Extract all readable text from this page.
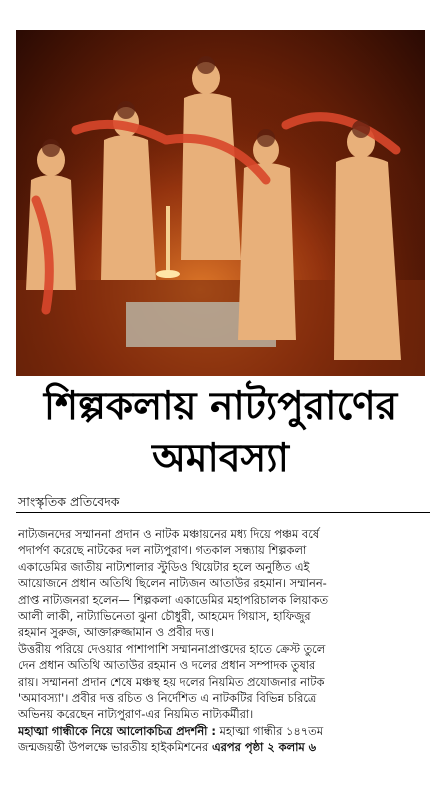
শিল্পকলায় নাট্যপুরাণের
অমাবস্যা
সাংস্কৃতিক প্রতিবেদক
নাট্যজনদের সম্মাননা প্রদান ও নাটক মঞ্চায়নের মধ্য দিয়ে পঞ্চম বর্ষে
পদার্পণ করেছে নাটকের দল নাট্যপুরাণ। গতকাল সন্ধ্যায় শিল্পকলা
একাডেমির জাতীয় নাট্যশালার স্টুডিও থিয়েটার হলে অনুষ্ঠিত এই
আয়োজনে প্রধান অতিথি ছিলেন নাট্যজন আতাউর রহমান। সম্মানন-
প্রাপ্ত নাট্যজনরা হলেন— শিল্পকলা একাডেমির মহাপরিচালক লিয়াকত
আলী লাকী, নাট্যাভিনেতা ঝুনা চৌধুরী, আহমেদ গিয়াস, হাফিজুর
রহমান সুরুজ, আক্তারুজ্জামান ও প্রবীর দত্ত।
উত্তরীয় পরিয়ে দেওয়ার পাশাপাশি সম্মাননাপ্রাপ্তদের হাতে ক্রেস্ট তুলে
দেন প্রধান অতিথি আতাউর রহমান ও দলের প্রধান সম্পাদক তুষার
রায়। সম্মাননা প্রদান শেষে মঞ্চস্থ হয় দলের নিয়মিত প্রযোজনার নাটক
'অমাবস্যা'। প্রবীর দত্ত রচিত ও নির্দেশিত এ নাটকটির বিভিন্ন চরিত্রে
অভিনয় করেছেন নাট্যপুরাণ-এর নিয়মিত নাট্যকর্মীরা।
মহাত্মা গান্ধীকে নিয়ে আলোকচিত্র প্রদর্শনী : মহাত্মা গান্ধীর ১৪৭তম
জন্মজয়ন্তী উপলক্ষে ভারতীয় হাইকমিশনের এরপর পৃষ্ঠা ২ কলাম ৬
